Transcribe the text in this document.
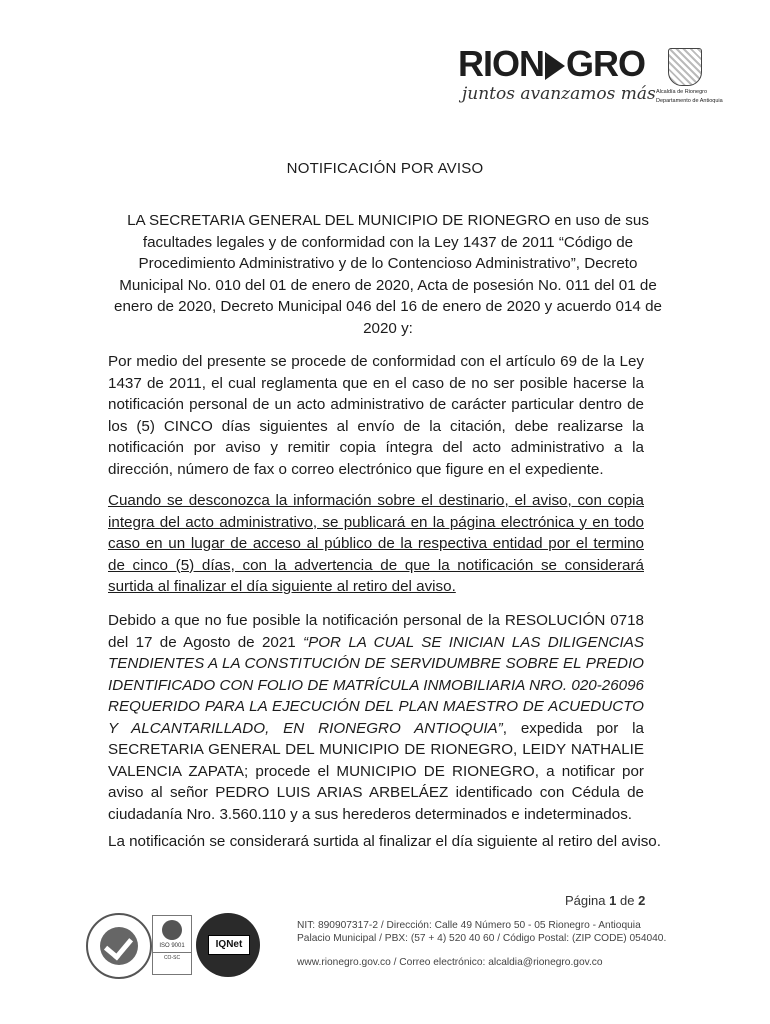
RION GRO
juntos avanzamos más Alcaldía de Rionegro
Departamento de Antioquia
NOTIFICACIÓN POR AVISO
LA SECRETARIA GENERAL DEL MUNICIPIO DE RIONEGRO en uso de sus facultades legales y de conformidad con la Ley 1437 de 2011 “Código de Procedimiento Administrativo y de lo Contencioso Administrativo”, Decreto Municipal No. 010 del 01 de enero de 2020, Acta de posesión No. 011 del 01 de enero de 2020, Decreto Municipal 046 del 16 de enero de 2020 y acuerdo 014 de 2020 y:
Por medio del presente se procede de conformidad con el artículo 69 de la Ley 1437 de 2011, el cual reglamenta que en el caso de no ser posible hacerse la notificación personal de un acto administrativo de carácter particular dentro de los (5) CINCO días siguientes al envío de la citación, debe realizarse la notificación por aviso y remitir copia íntegra del acto administrativo a la dirección, número de fax o correo electrónico que figure en el expediente.
Cuando se desconozca la información sobre el destinario, el aviso, con copia integra del acto administrativo, se publicará en la página electrónica y en todo caso en un lugar de acceso al público de la respectiva entidad por el termino de cinco (5) días, con la advertencia de que la notificación se considerará surtida al finalizar el día siguiente al retiro del aviso.
Debido a que no fue posible la notificación personal de la RESOLUCIÓN 0718 del 17 de Agosto de 2021 “POR LA CUAL SE INICIAN LAS DILIGENCIAS TENDIENTES A LA CONSTITUCIÓN DE SERVIDUMBRE SOBRE EL PREDIO IDENTIFICADO CON FOLIO DE MATRÍCULA INMOBILIARIA NRO. 020-26096 REQUERIDO PARA LA EJECUCIÓN DEL PLAN MAESTRO DE ACUEDUCTO Y ALCANTARILLADO, EN RIONEGRO ANTIOQUIA”, expedida por la SECRETARIA GENERAL DEL MUNICIPIO DE RIONEGRO, LEIDY NATHALIE VALENCIA ZAPATA; procede el MUNICIPIO DE RIONEGRO, a notificar por aviso al señor PEDRO LUIS ARIAS ARBELÁEZ identificado con Cédula de ciudadanía Nro. 3.560.110 y a sus herederos determinados e indeterminados.
La notificación se considerará surtida al finalizar el día siguiente al retiro del aviso.
Página 1 de 2
NIT: 890907317-2 / Dirección: Calle 49 Número 50 - 05 Rionegro - Antioquia Palacio Municipal / PBX: (57 + 4) 520 40 60 / Código Postal: (ZIP CODE) 054040.
www.rionegro.gov.co / Correo electrónico: alcaldia@rionegro.gov.co
ISO 9001
CO-SC
IQNet
